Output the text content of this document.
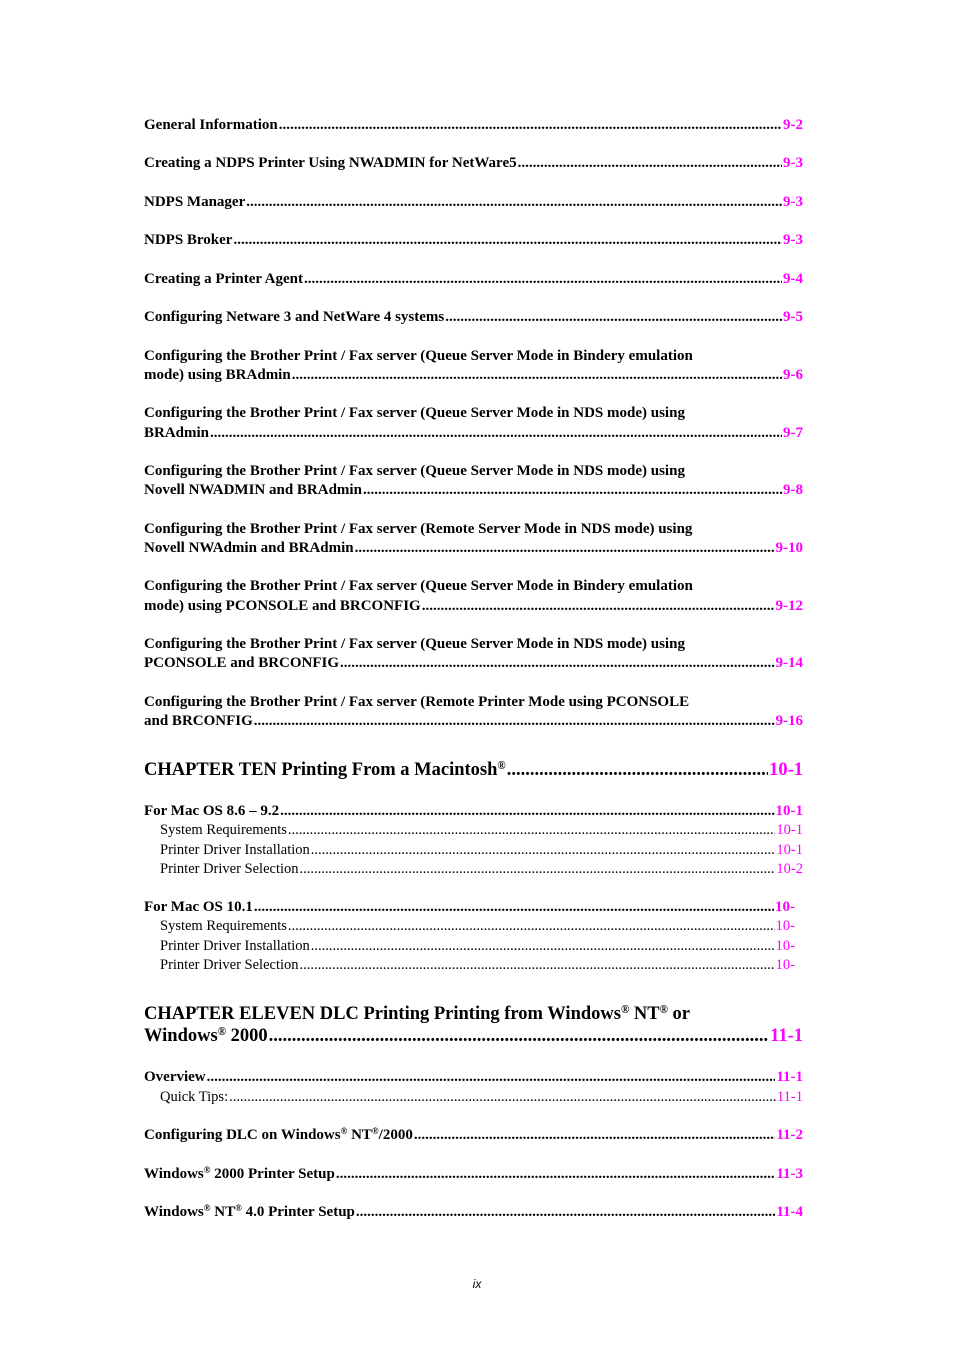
General Information .....	9-2
Creating a NDPS Printer Using NWADMIN for NetWare5 .....	9-3
NDPS Manager .....	9-3
NDPS Broker .....	9-3
Creating a Printer Agent .....	9-4
Configuring Netware 3 and NetWare 4 systems .....	9-5
Configuring the Brother Print / Fax server (Queue Server Mode in Bindery emulation
mode) using BRAdmin .....	9-6
Configuring the Brother Print / Fax server (Queue Server Mode in NDS mode) using
BRAdmin .....	9-7
Configuring the Brother Print / Fax server (Queue Server Mode in NDS mode) using
Novell NWADMIN and BRAdmin .....	9-8
Configuring the Brother Print / Fax server (Remote Server Mode in NDS mode) using
Novell NWAdmin and BRAdmin .....	9-10
Configuring the Brother Print / Fax server (Queue Server Mode in Bindery emulation
mode) using PCONSOLE and BRCONFIG .....	9-12
Configuring the Brother Print / Fax server (Queue Server Mode in NDS mode) using
PCONSOLE and BRCONFIG .....	9-14
Configuring the Brother Print / Fax server (Remote Printer Mode using PCONSOLE
and BRCONFIG .....	9-16
CHAPTER TEN Printing From a Macintosh® .....	10-1
For Mac OS 8.6 – 9.2 .....	10-1
System Requirements .....	10-1
Printer Driver Installation .....	10-1
Printer Driver Selection .....	10-2
For Mac OS 10.1 .....	10-
System Requirements .....	10-
Printer Driver Installation .....	10-
Printer Driver Selection .....	10-
CHAPTER ELEVEN DLC Printing Printing from Windows® NT® or
Windows® 2000 .....	11-1
Overview .....	11-1
Quick Tips: .....	11-1
Configuring DLC on Windows® NT®/2000 .....	11-2
Windows® 2000 Printer Setup .....	11-3
Windows® NT® 4.0 Printer Setup .....	11-4
ix
